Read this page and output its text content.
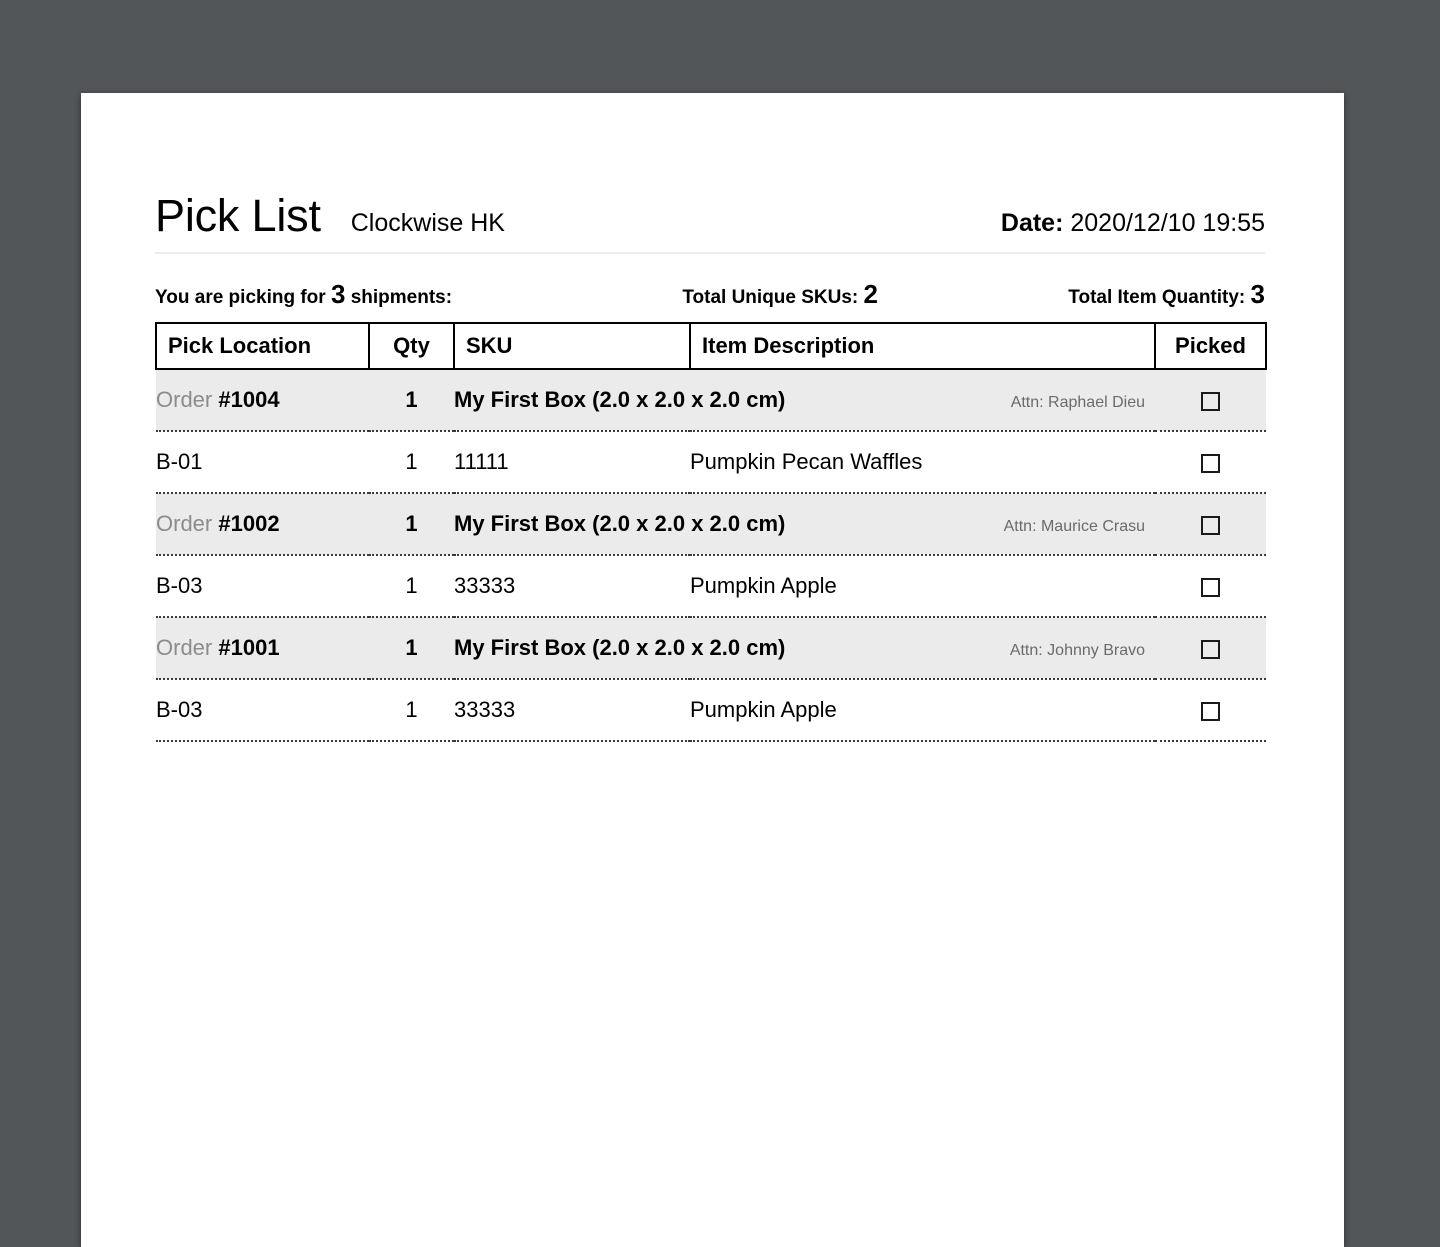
Pick List Clockwise HK	Date: 2020/12/10 19:55
You are picking for 3 shipments:	Total Unique SKUs: 2	Total Item Quantity: 3
Pick Location	Qty	SKU	Item Description	Picked
Order #1004	1	My First Box (2.0 x 2.0 x 2.0 cm) Attn: Raphael Dieu		

B-01	1	11111	Pumpkin Pecan Waffles	

Order #1002	1	My First Box (2.0 x 2.0 x 2.0 cm) Attn: Maurice Crasu		

B-03	1	33333	Pumpkin Apple	

Order #1001	1	My First Box (2.0 x 2.0 x 2.0 cm) Attn: Johnny Bravo		

B-03	1	33333	Pumpkin Apple	
